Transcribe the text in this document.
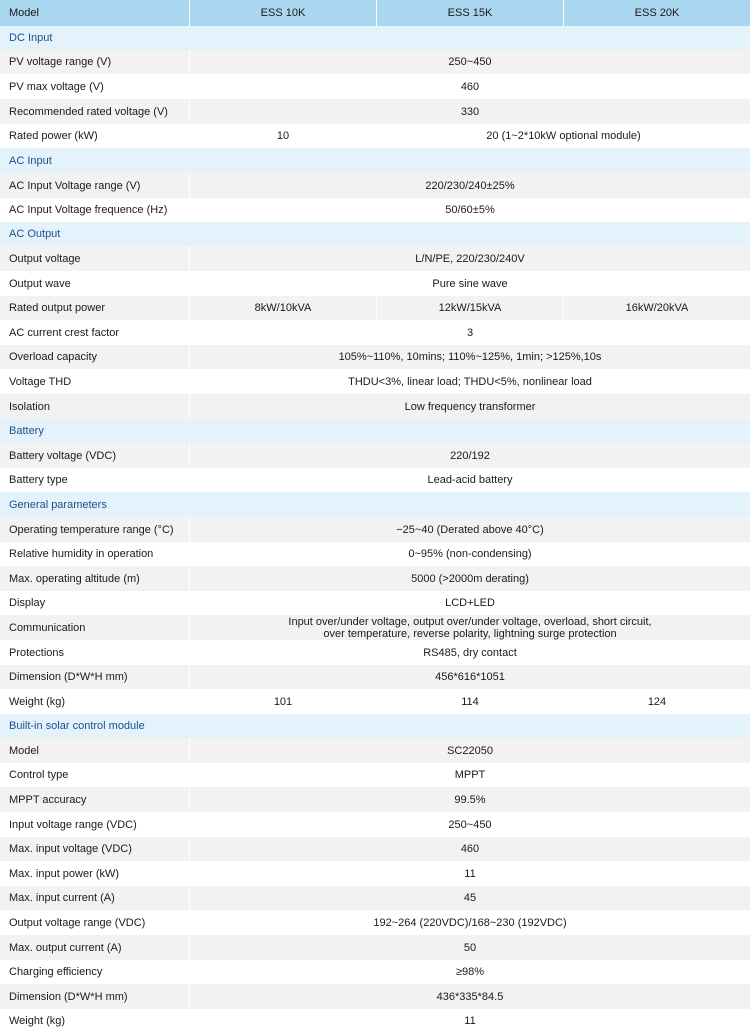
Model	ESS 10K	ESS 15K	ESS 20K
DC Input
PV voltage range (V)	250~450
PV max voltage (V)	460
Recommended rated voltage (V)	330
Rated power (kW)	10	20 (1~2*10kW optional module)
AC Input
AC Input Voltage range (V)	220/230/240±25%
AC Input Voltage frequence (Hz)	50/60±5%
AC Output
Output voltage	L/N/PE, 220/230/240V
Output wave	Pure sine wave
Rated output power	8kW/10kVA	12kW/15kVA	16kW/20kVA
AC current crest factor	3
Overload capacity	105%~110%, 10mins; 110%~125%, 1min; >125%,10s
Voltage THD	THDU<3%, linear load; THDU<5%, nonlinear load
Isolation	Low frequency transformer
Battery
Battery voltage (VDC)	220/192
Battery type	Lead-acid battery
General parameters
Operating temperature range (°C)	−25~40 (Derated above 40°C)
Relative humidity in operation	0~95% (non-condensing)
Max. operating altitude (m)	5000 (>2000m derating)
Display	LCD+LED
Communication	Input over/under voltage, output over/under voltage, overload, short circuit,
over temperature, reverse polarity, lightning surge protection
Protections	RS485, dry contact
Dimension (D*W*H mm)	456*616*1051
Weight (kg)	101	114	124
Built-in solar control module
Model	SC22050
Control type	MPPT
MPPT accuracy	99.5%
Input voltage range (VDC)	250~450
Max. input voltage (VDC)	460
Max. input power (kW)	11
Max. input current (A)	45
Output voltage range (VDC)	192~264 (220VDC)/168~230 (192VDC)
Max. output current (A)	50
Charging efficiency	≥98%
Dimension (D*W*H mm)	436*335*84.5
Weight (kg)	11
